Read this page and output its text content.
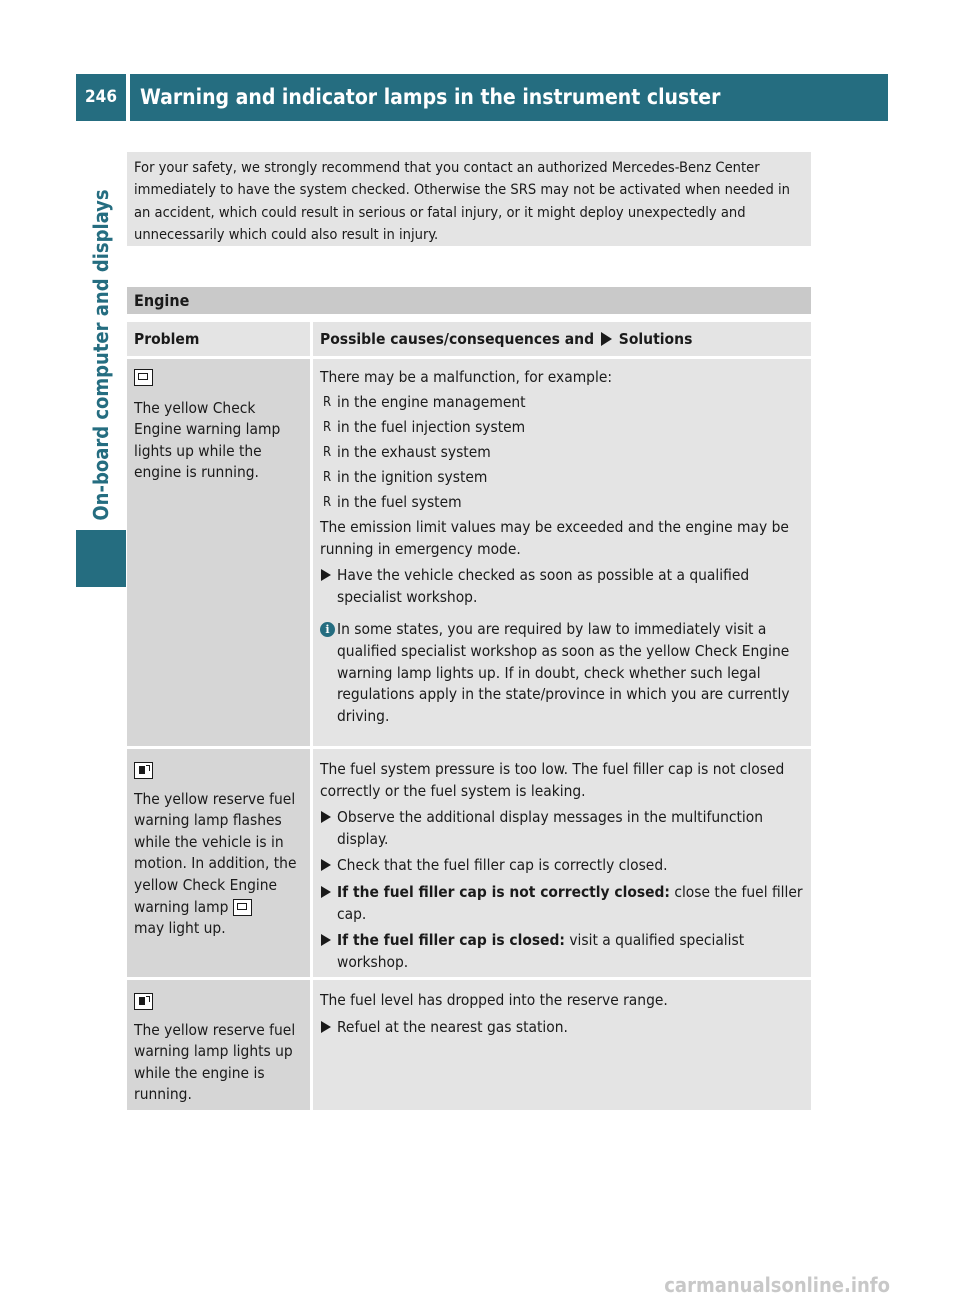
246	Warning and indicator lamps in the instrument cluster
On-board computer and displays
For your safety, we strongly recommend that you contact an authorized Mercedes-Benz Center immediately to have the system checked. Otherwise the SRS may not be activated when needed in an accident, which could result in serious or fatal injury, or it might deploy unexpectedly and unnecessarily which could also result in injury.
Engine
Problem	Possible causes/consequences and Solutions
The yellow Check Engine warning lamp lights up while the engine is running.
There may be a malfunction, for example:
R in the engine management
R in the fuel injection system
R in the exhaust system
R in the ignition system
R in the fuel system
The emission limit values may be exceeded and the engine may be running in emergency mode.
Have the vehicle checked as soon as possible at a qualified specialist workshop.
i In some states, you are required by law to immediately visit a qualified specialist workshop as soon as the yellow Check Engine warning lamp lights up. If in doubt, check whether such legal regulations apply in the state/province in which you are currently driving.
The yellow reserve fuel warning lamp flashes while the vehicle is in motion. In addition, the yellow Check Engine warning lamp
may light up.
The fuel system pressure is too low. The fuel filler cap is not closed correctly or the fuel system is leaking.
Observe the additional display messages in the multifunction display.
Check that the fuel filler cap is correctly closed.
If the fuel filler cap is not correctly closed: close the fuel filler cap.
If the fuel filler cap is closed: visit a qualified specialist workshop.
The yellow reserve fuel warning lamp lights up while the engine is running.
The fuel level has dropped into the reserve range.
Refuel at the nearest gas station.
carmanualsonline.info
